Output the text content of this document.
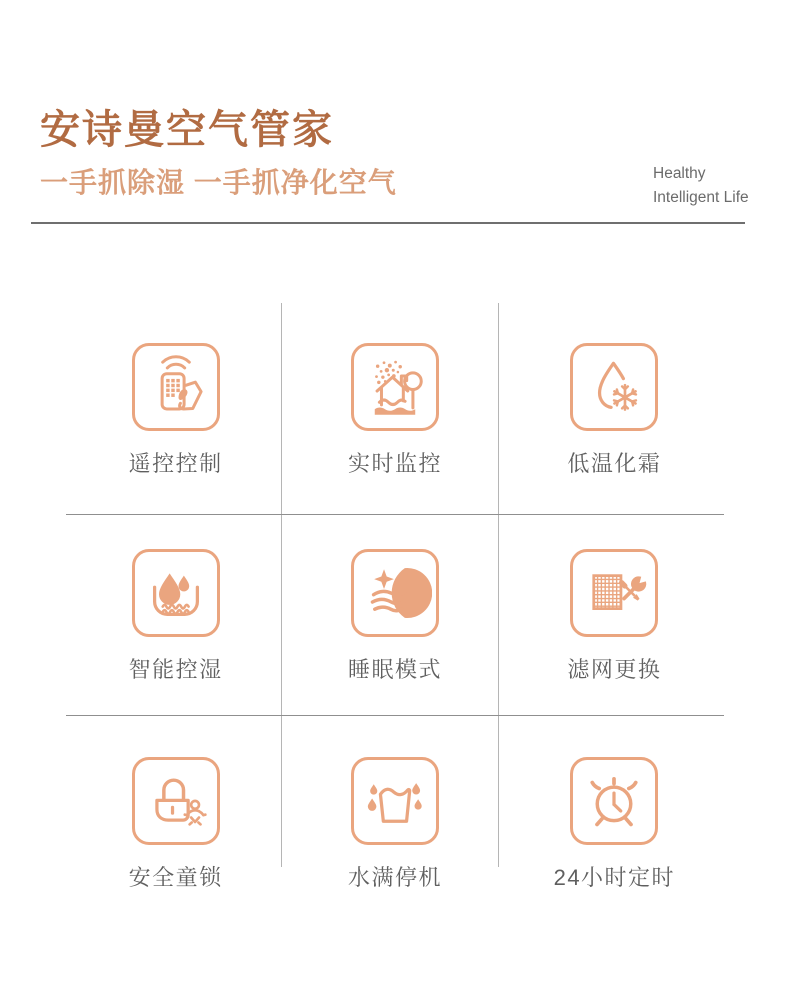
安诗曼空气管家
一手抓除湿 一手抓净化空气	Healthy
Intelligent Life
遥控控制	实时监控	低温化霜
智能控湿	睡眠模式	滤网更换
安全童锁	水满停机	24小时定时
